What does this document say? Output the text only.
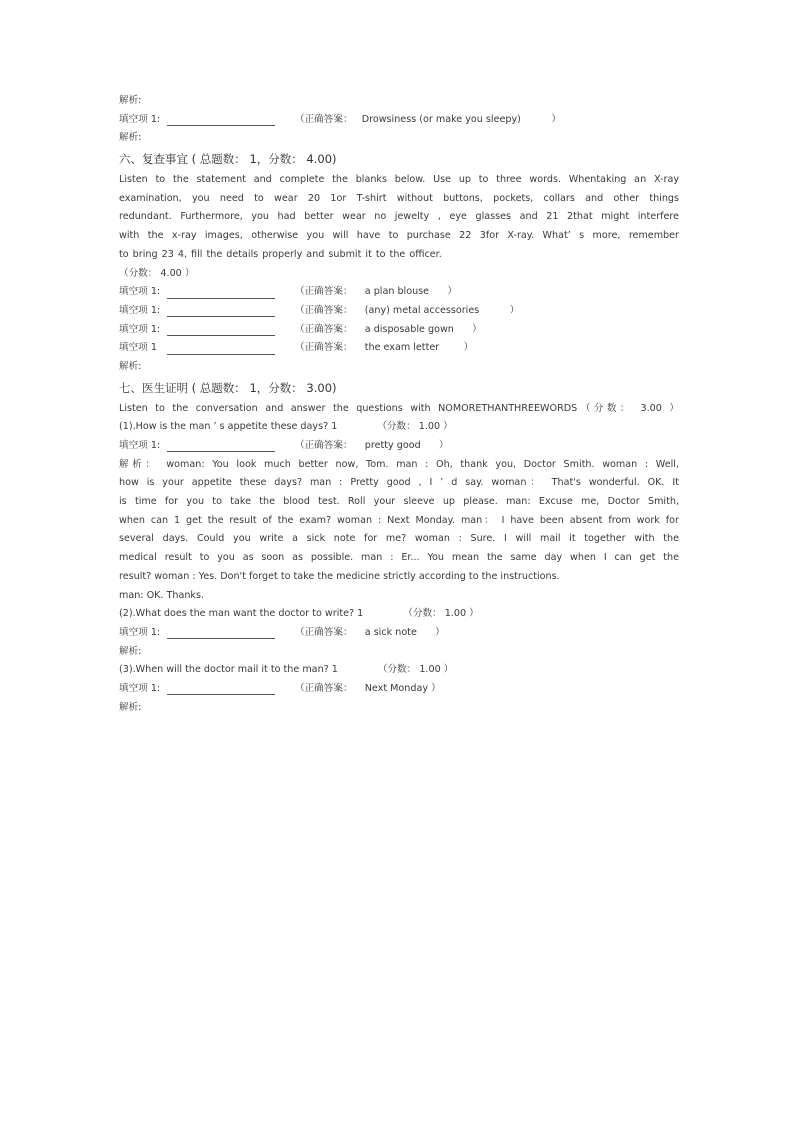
解析:
填空项 1:	（正确答案：   Drowsiness (or make you sleepy)          ）
解析:
六、复查事宜 ( 总题数： 1，分数： 4.00)
Listen to the statement and complete the blanks below. Use up to three words. Whentaking an X-ray
examination, you need to wear 20 1or T-shirt without buttons, pockets, collars and other things
redundant. Furthermore, you had better wear no jewelty , eye glasses and 21 2that might interfere
with the x-ray images, otherwise you will have to purchase 22 3for X-ray. What’ s more, remember
to bring 23 4, fill the details properly and submit it to the officer.
（分数： 4.00 ）
填空项 1:	（正确答案：    a plan blouse      ）
填空项 1:	（正确答案：    (any) metal accessories          ）
填空项 1:	（正确答案：    a disposable gown      ）
填空项 1	（正确答案：    the exam letter        ）
解析:
七、医生证明 ( 总题数： 1，分数： 3.00)
Listen to the conversation and answer the questions with NOMORETHANTHREEWORDS（分数： 3.00 ）
(1).How is the man ’ s appetite these days? 1	（分数： 1.00 ）
填空项 1:	（正确答案：    pretty good      ）
解析： woman: You look much better now, Tom. man : Oh, thank you, Doctor Smith. woman : Well,
how is your appetite these days? man : Pretty good , I ’ d say. woman： That's wonderful. OK. It
is time for you to take the blood test. Roll your sleeve up please. man: Excuse me, Doctor Smith,
when can 1 get the result of the exam? woman : Next Monday. man： I have been absent from work for
several days. Could you write a sick note for me? woman : Sure. I will mail it together with the
medical result to you as soon as possible. man : Er... You mean the same day when I can get the
result? woman : Yes. Don't forget to take the medicine strictly according to the instructions.
man: OK. Thanks.
(2).What does the man want the doctor to write? 1	（分数： 1.00 ）
填空项 1:	（正确答案：    a sick note      ）
解析:
(3).When will the doctor mail it to the man? 1	（分数： 1.00 ）
填空项 1:	（正确答案：    Next Monday ）
解析:
